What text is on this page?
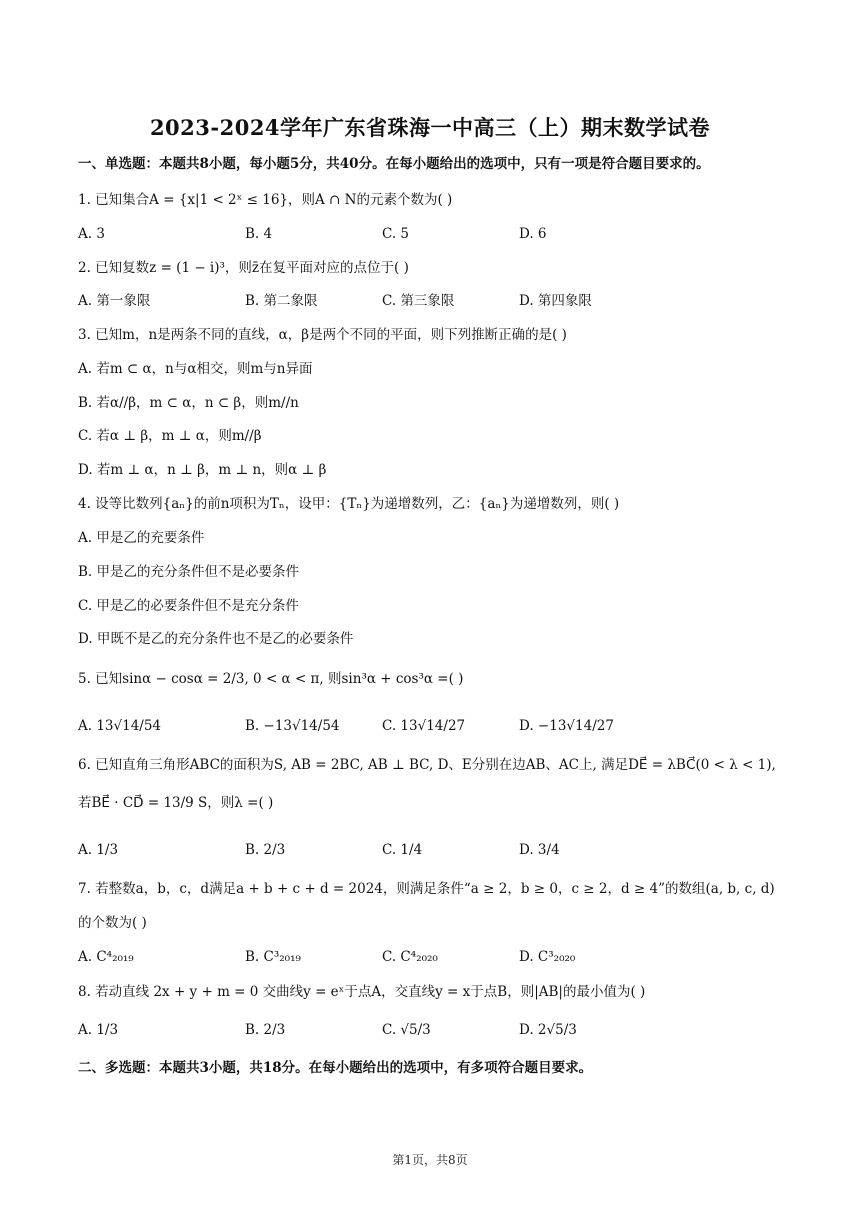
2023-2024学年广东省珠海一中高三（上）期末数学试卷
一、单选题：本题共8小题，每小题5分，共40分。在每小题给出的选项中，只有一项是符合题目要求的。
1. 已知集合A = {x|1 < 2ˣ ≤ 16}，则A ∩ N的元素个数为( )
A. 3	B. 4	C. 5	D. 6
2. 已知复数z = (1 − i)³，则z̄在复平面对应的点位于( )
A. 第一象限	B. 第二象限	C. 第三象限	D. 第四象限
3. 已知m，n是两条不同的直线，α，β是两个不同的平面，则下列推断正确的是( )
A. 若m ⊂ α，n与α相交，则m与n异面
B. 若α//β，m ⊂ α，n ⊂ β，则m//n
C. 若α ⊥ β，m ⊥ α，则m//β
D. 若m ⊥ α，n ⊥ β，m ⊥ n，则α ⊥ β
4. 设等比数列{aₙ}的前n项积为Tₙ，设甲：{Tₙ}为递增数列，乙：{aₙ}为递增数列，则( )
A. 甲是乙的充要条件
B. 甲是乙的充分条件但不是必要条件
C. 甲是乙的必要条件但不是充分条件
D. 甲既不是乙的充分条件也不是乙的必要条件
5. 已知sinα − cosα = 2/3, 0 < α < π, 则sin³α + cos³α =( )
A. 13√14/54	B. −13√14/54	C. 13√14/27	D. −13√14/27
6. 已知直角三角形ABC的面积为S, AB = 2BC, AB ⊥ BC, D、E分别在边AB、AC上, 满足DE⃗ = λBC⃗(0 < λ < 1),
若BE⃗ · CD⃗ = 13/9 S，则λ =( )
A. 1/3	B. 2/3	C. 1/4	D. 3/4
7. 若整数a，b，c，d满足a + b + c + d = 2024，则满足条件“a ≥ 2，b ≥ 0，c ≥ 2，d ≥ 4”的数组(a, b, c, d)
的个数为( )
A. C⁴₂₀₁₉	B. C³₂₀₁₉	C. C⁴₂₀₂₀	D. C³₂₀₂₀
8. 若动直线 2x + y + m = 0 交曲线y = eˣ于点A，交直线y = x于点B，则|AB|的最小值为( )
A. 1/3	B. 2/3	C. √5/3	D. 2√5/3
二、多选题：本题共3小题，共18分。在每小题给出的选项中，有多项符合题目要求。
第1页，共8页
